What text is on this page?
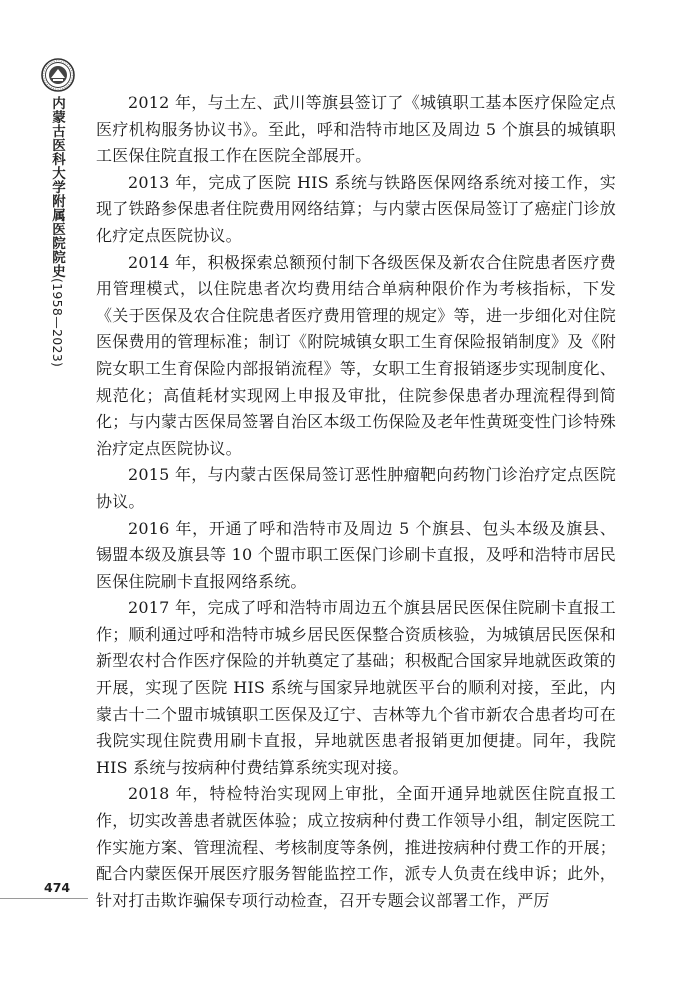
内蒙古医科大学附属医院院史(1958—2023)
474

2012 年，与土左、武川等旗县签订了《城镇职工基本医疗保险定点医疗机构服务协议书》。至此，呼和浩特市地区及周边 5 个旗县的城镇职工医保住院直报工作在医院全部展开。

2013 年，完成了医院 HIS 系统与铁路医保网络系统对接工作，实现了铁路参保患者住院费用网络结算；与内蒙古医保局签订了癌症门诊放化疗定点医院协议。

2014 年，积极探索总额预付制下各级医保及新农合住院患者医疗费用管理模式，以住院患者次均费用结合单病种限价作为考核指标，下发《关于医保及农合住院患者医疗费用管理的规定》等，进一步细化对住院医保费用的管理标准；制订《附院城镇女职工生育保险报销制度》及《附院女职工生育保险内部报销流程》等，女职工生育报销逐步实现制度化、规范化；高值耗材实现网上申报及审批，住院参保患者办理流程得到简化；与内蒙古医保局签署自治区本级工伤保险及老年性黄斑变性门诊特殊治疗定点医院协议。

2015 年，与内蒙古医保局签订恶性肿瘤靶向药物门诊治疗定点医院协议。

2016 年，开通了呼和浩特市及周边 5 个旗县、包头本级及旗县、锡盟本级及旗县等 10 个盟市职工医保门诊刷卡直报，及呼和浩特市居民医保住院刷卡直报网络系统。

2017 年，完成了呼和浩特市周边五个旗县居民医保住院刷卡直报工作；顺利通过呼和浩特市城乡居民医保整合资质核验，为城镇居民医保和新型农村合作医疗保险的并轨奠定了基础；积极配合国家异地就医政策的开展，实现了医院 HIS 系统与国家异地就医平台的顺利对接，至此，内蒙古十二个盟市城镇职工医保及辽宁、吉林等九个省市新农合患者均可在我院实现住院费用刷卡直报，异地就医患者报销更加便捷。同年，我院 HIS 系统与按病种付费结算系统实现对接。

2018 年，特检特治实现网上审批，全面开通异地就医住院直报工作，切实改善患者就医体验；成立按病种付费工作领导小组，制定医院工作实施方案、管理流程、考核制度等条例，推进按病种付费工作的开展；配合内蒙医保开展医疗服务智能监控工作，派专人负责在线申诉；此外，针对打击欺诈骗保专项行动检查，召开专题会议部署工作，严厉
